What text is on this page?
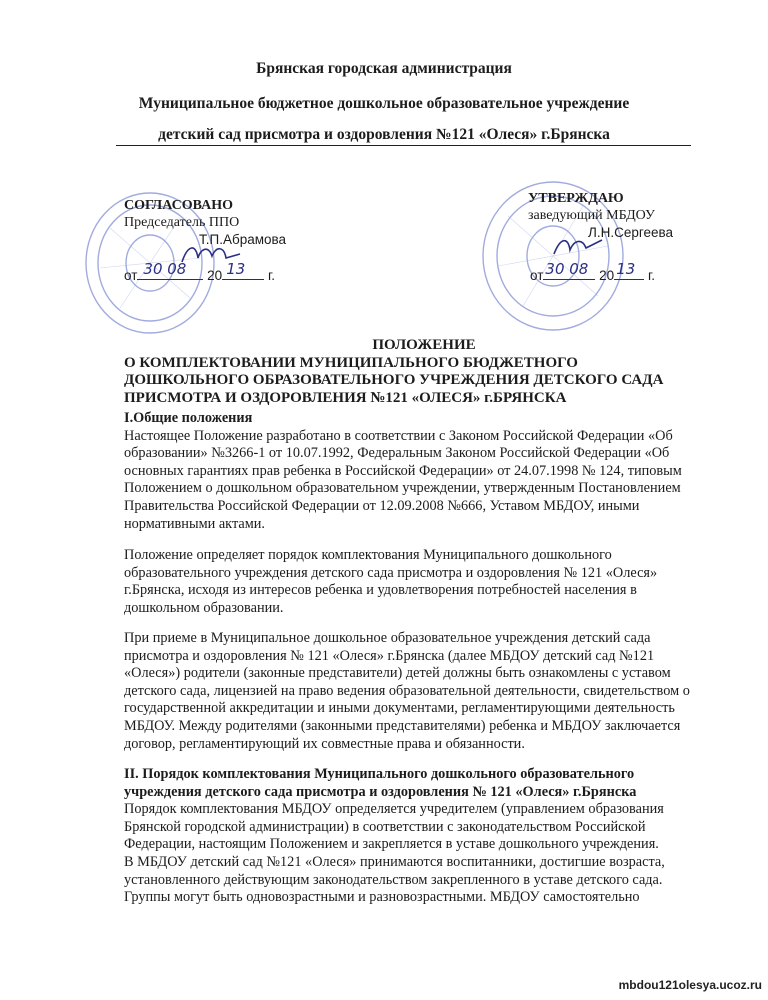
Брянская городская администрация
Муниципальное бюджетное дошкольное образовательное учреждение
детский сад присмотра и оздоровления №121 «Олеся» г.Брянска
СОГЛАСОВАНО
Председатель ППО
Т.П.Абрамова
от 30 08 20 13 г.
УТВЕРЖДАЮ
заведующий МБДОУ
Л.Н.Сергеева
от 30 08 20 13 г.
ПОЛОЖЕНИЕ
О КОМПЛЕКТОВАНИИ МУНИЦИПАЛЬНОГО БЮДЖЕТНОГО
ДОШКОЛЬНОГО ОБРАЗОВАТЕЛЬНОГО УЧРЕЖДЕНИЯ ДЕТСКОГО САДА
ПРИСМОТРА И ОЗДОРОВЛЕНИЯ №121 «ОЛЕСЯ» г.БРЯНСКА
I.Общие положения
Настоящее Положение разработано в соответствии с Законом Российской Федерации «Об образовании» №3266-1 от 10.07.1992, Федеральным Законом Российской Федерации «Об основных гарантиях прав ребенка в Российской Федерации» от 24.07.1998 № 124, типовым Положением о дошкольном образовательном учреждении, утвержденным Постановлением Правительства Российской Федерации от 12.09.2008 №666, Уставом МБДОУ, иными нормативными актами.
Положение определяет порядок комплектования Муниципального дошкольного образовательного учреждения детского сада присмотра и оздоровления № 121 «Олеся» г.Брянска, исходя из интересов ребенка и удовлетворения потребностей населения в дошкольном образовании.
При приеме в Муниципальное дошкольное образовательное учреждения детский сада присмотра и оздоровления № 121 «Олеся» г.Брянска (далее МБДОУ детский сад №121 «Олеся») родители (законные представители) детей должны быть ознакомлены с уставом детского сада, лицензией на право ведения образовательной деятельности, свидетельством о государственной аккредитации и иными документами, регламентирующими деятельность МБДОУ. Между родителями (законными представителями) ребенка и МБДОУ заключается договор, регламентирующий их совместные права и обязанности.
II. Порядок комплектования Муниципального дошкольного образовательного учреждения детского сада присмотра и оздоровления № 121 «Олеся» г.Брянска
Порядок комплектования МБДОУ определяется учредителем (управлением образования Брянской городской администрации) в соответствии с законодательством Российской Федерации, настоящим Положением и закрепляется в уставе дошкольного учреждения.
В МБДОУ детский сад №121 «Олеся» принимаются воспитанники, достигшие возраста, установленного действующим законодательством закрепленного в уставе детского сада. Группы могут быть одновозрастными и разновозрастными. МБДОУ самостоятельно
mbdou121olesya.ucoz.ru
